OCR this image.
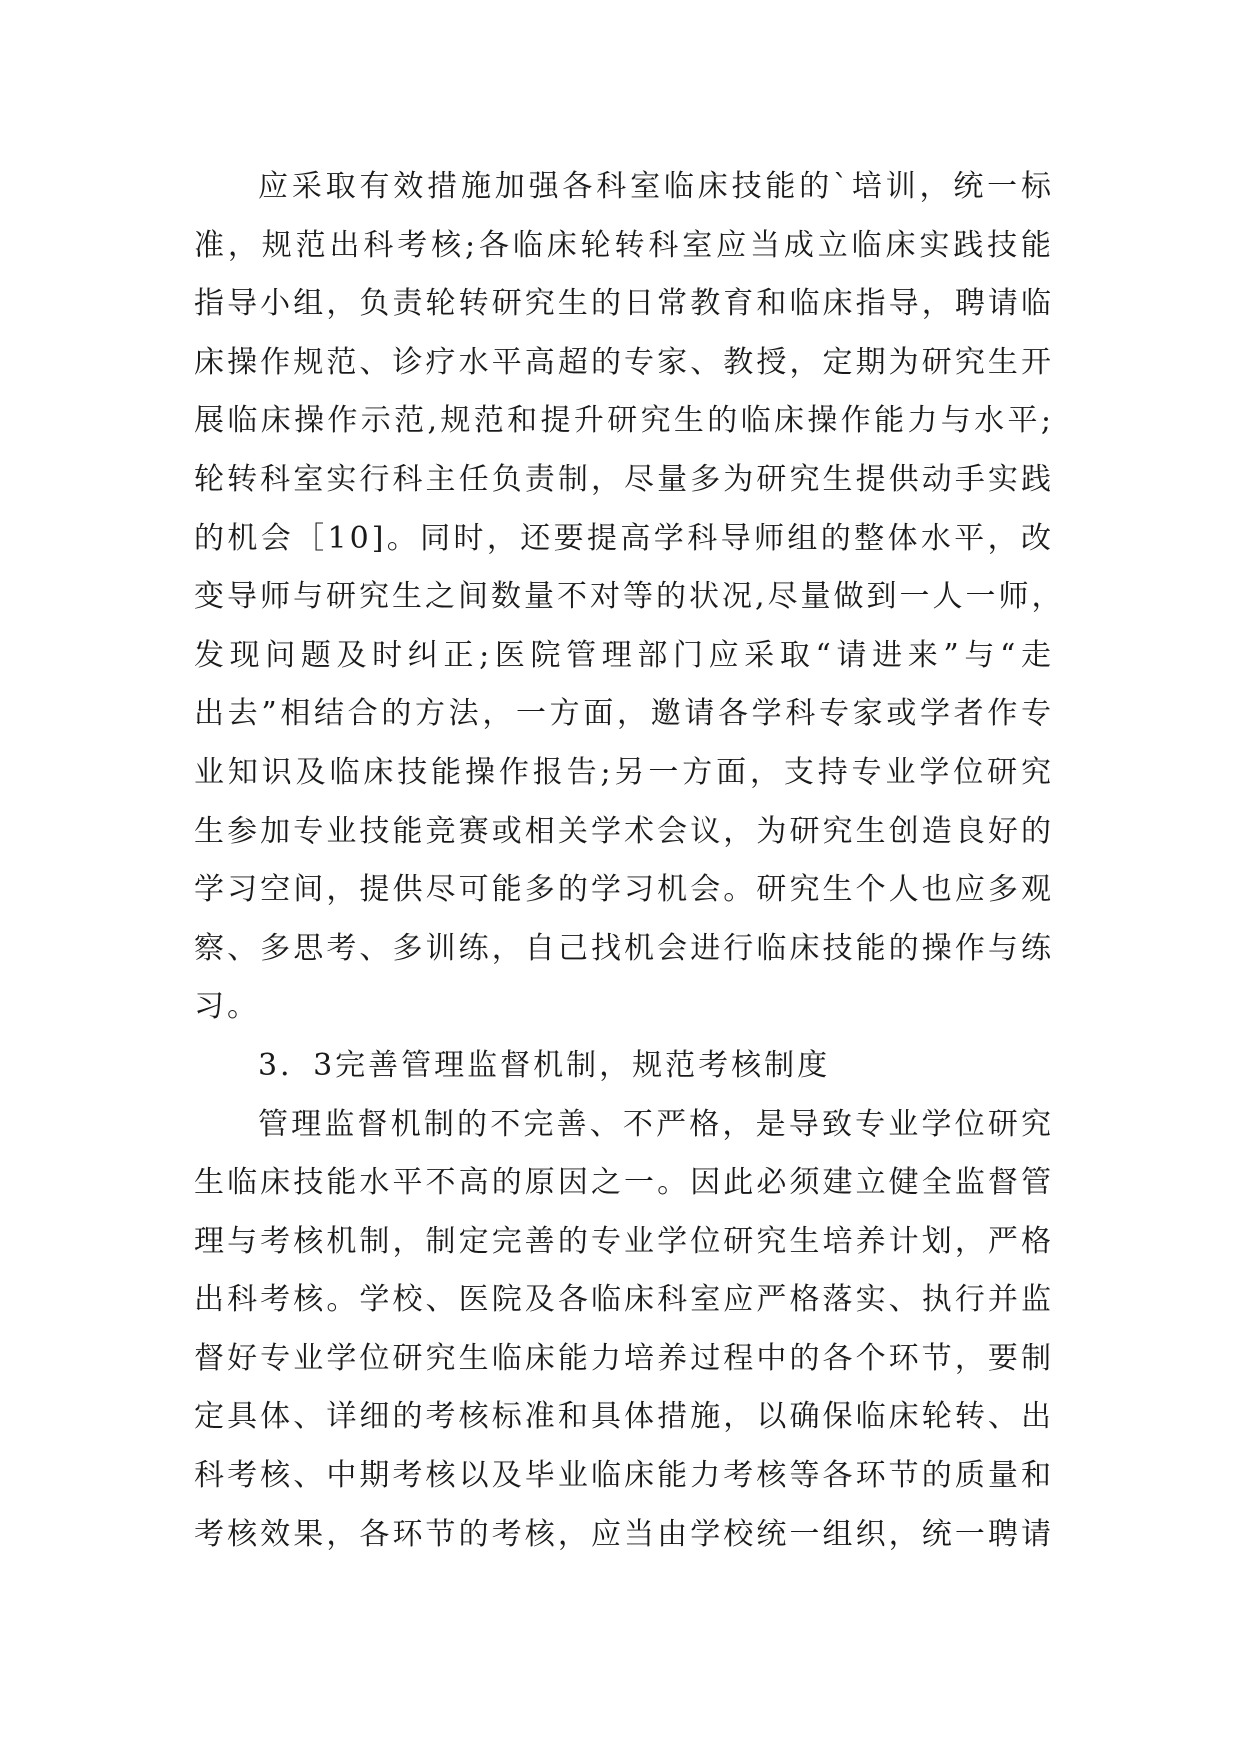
应采取有效措施加强各科室临床技能的`培训，统一标
准，规范出科考核;各临床轮转科室应当成立临床实践技能
指导小组，负责轮转研究生的日常教育和临床指导，聘请临
床操作规范、诊疗水平高超的专家、教授，定期为研究生开
展临床操作示范,规范和提升研究生的临床操作能力与水平;
轮转科室实行科主任负责制，尽量多为研究生提供动手实践
的机会［10]。同时，还要提高学科导师组的整体水平，改
变导师与研究生之间数量不对等的状况,尽量做到一人一师，
发现问题及时纠正;医院管理部门应采取“请进来”与“走
出去”相结合的方法，一方面，邀请各学科专家或学者作专
业知识及临床技能操作报告;另一方面，支持专业学位研究
生参加专业技能竞赛或相关学术会议，为研究生创造良好的
学习空间，提供尽可能多的学习机会。研究生个人也应多观
察、多思考、多训练，自己找机会进行临床技能的操作与练
习。
3．3完善管理监督机制，规范考核制度
管理监督机制的不完善、不严格，是导致专业学位研究
生临床技能水平不高的原因之一。因此必须建立健全监督管
理与考核机制，制定完善的专业学位研究生培养计划，严格
出科考核。学校、医院及各临床科室应严格落实、执行并监
督好专业学位研究生临床能力培养过程中的各个环节，要制
定具体、详细的考核标准和具体措施，以确保临床轮转、出
科考核、中期考核以及毕业临床能力考核等各环节的质量和
考核效果，各环节的考核，应当由学校统一组织，统一聘请
